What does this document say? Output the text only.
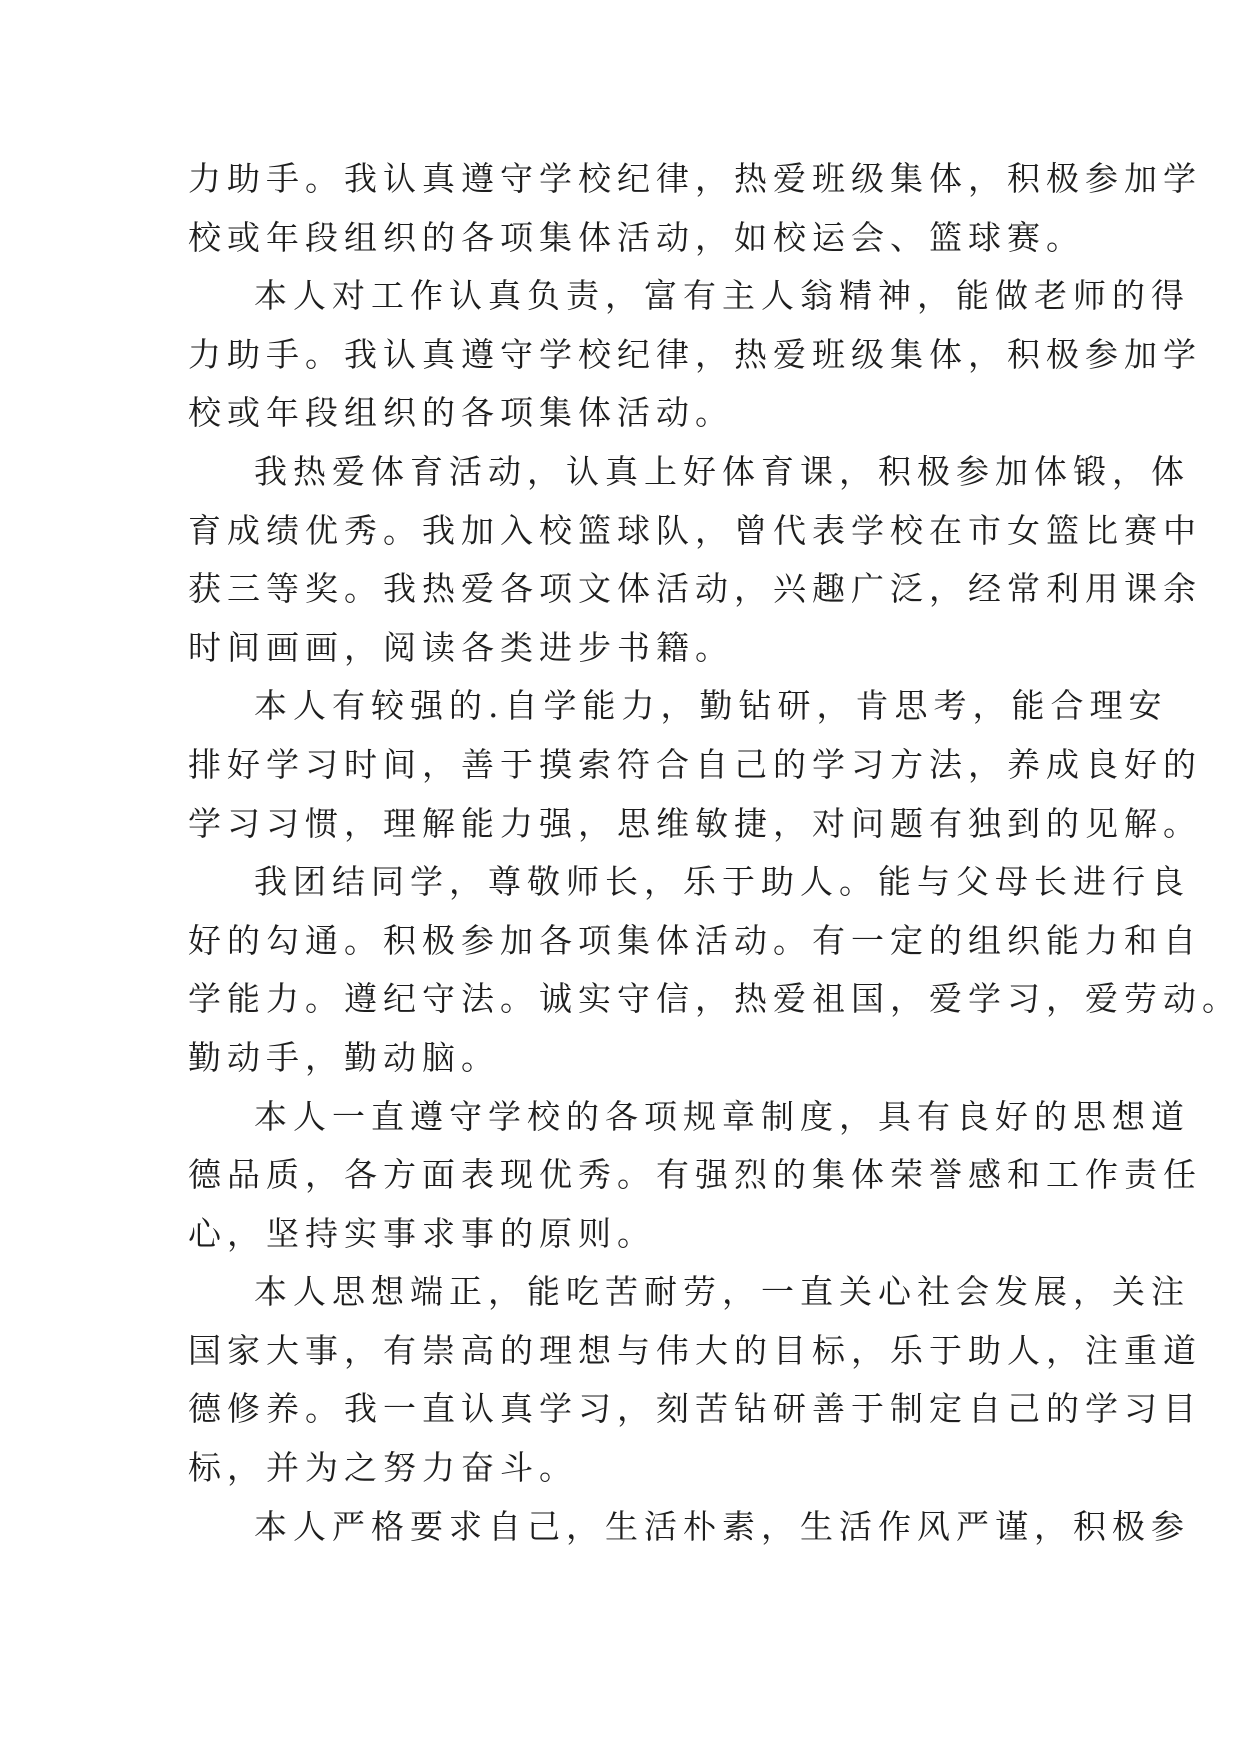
力助手。我认真遵守学校纪律，热爱班级集体，积极参加学

校或年段组织的各项集体活动，如校运会、篮球赛。

本人对工作认真负责，富有主人翁精神，能做老师的得

力助手。我认真遵守学校纪律，热爱班级集体，积极参加学

校或年段组织的各项集体活动。

我热爱体育活动，认真上好体育课，积极参加体锻，体

育成绩优秀。我加入校篮球队，曾代表学校在市女篮比赛中

获三等奖。我热爱各项文体活动，兴趣广泛，经常利用课余

时间画画，阅读各类进步书籍。

本人有较强的.自学能力，勤钻研，肯思考，能合理安

排好学习时间，善于摸索符合自己的学习方法，养成良好的

学习习惯，理解能力强，思维敏捷，对问题有独到的见解。

我团结同学，尊敬师长，乐于助人。能与父母长进行良

好的勾通。积极参加各项集体活动。有一定的组织能力和自

学能力。遵纪守法。诚实守信，热爱祖国，爱学习，爱劳动。

勤动手，勤动脑。

本人一直遵守学校的各项规章制度，具有良好的思想道

德品质，各方面表现优秀。有强烈的集体荣誉感和工作责任

心，坚持实事求事的原则。

本人思想端正，能吃苦耐劳，一直关心社会发展，关注

国家大事，有崇高的理想与伟大的目标，乐于助人，注重道

德修养。我一直认真学习，刻苦钻研善于制定自己的学习目

标，并为之努力奋斗。

本人严格要求自己，生活朴素，生活作风严谨，积极参
